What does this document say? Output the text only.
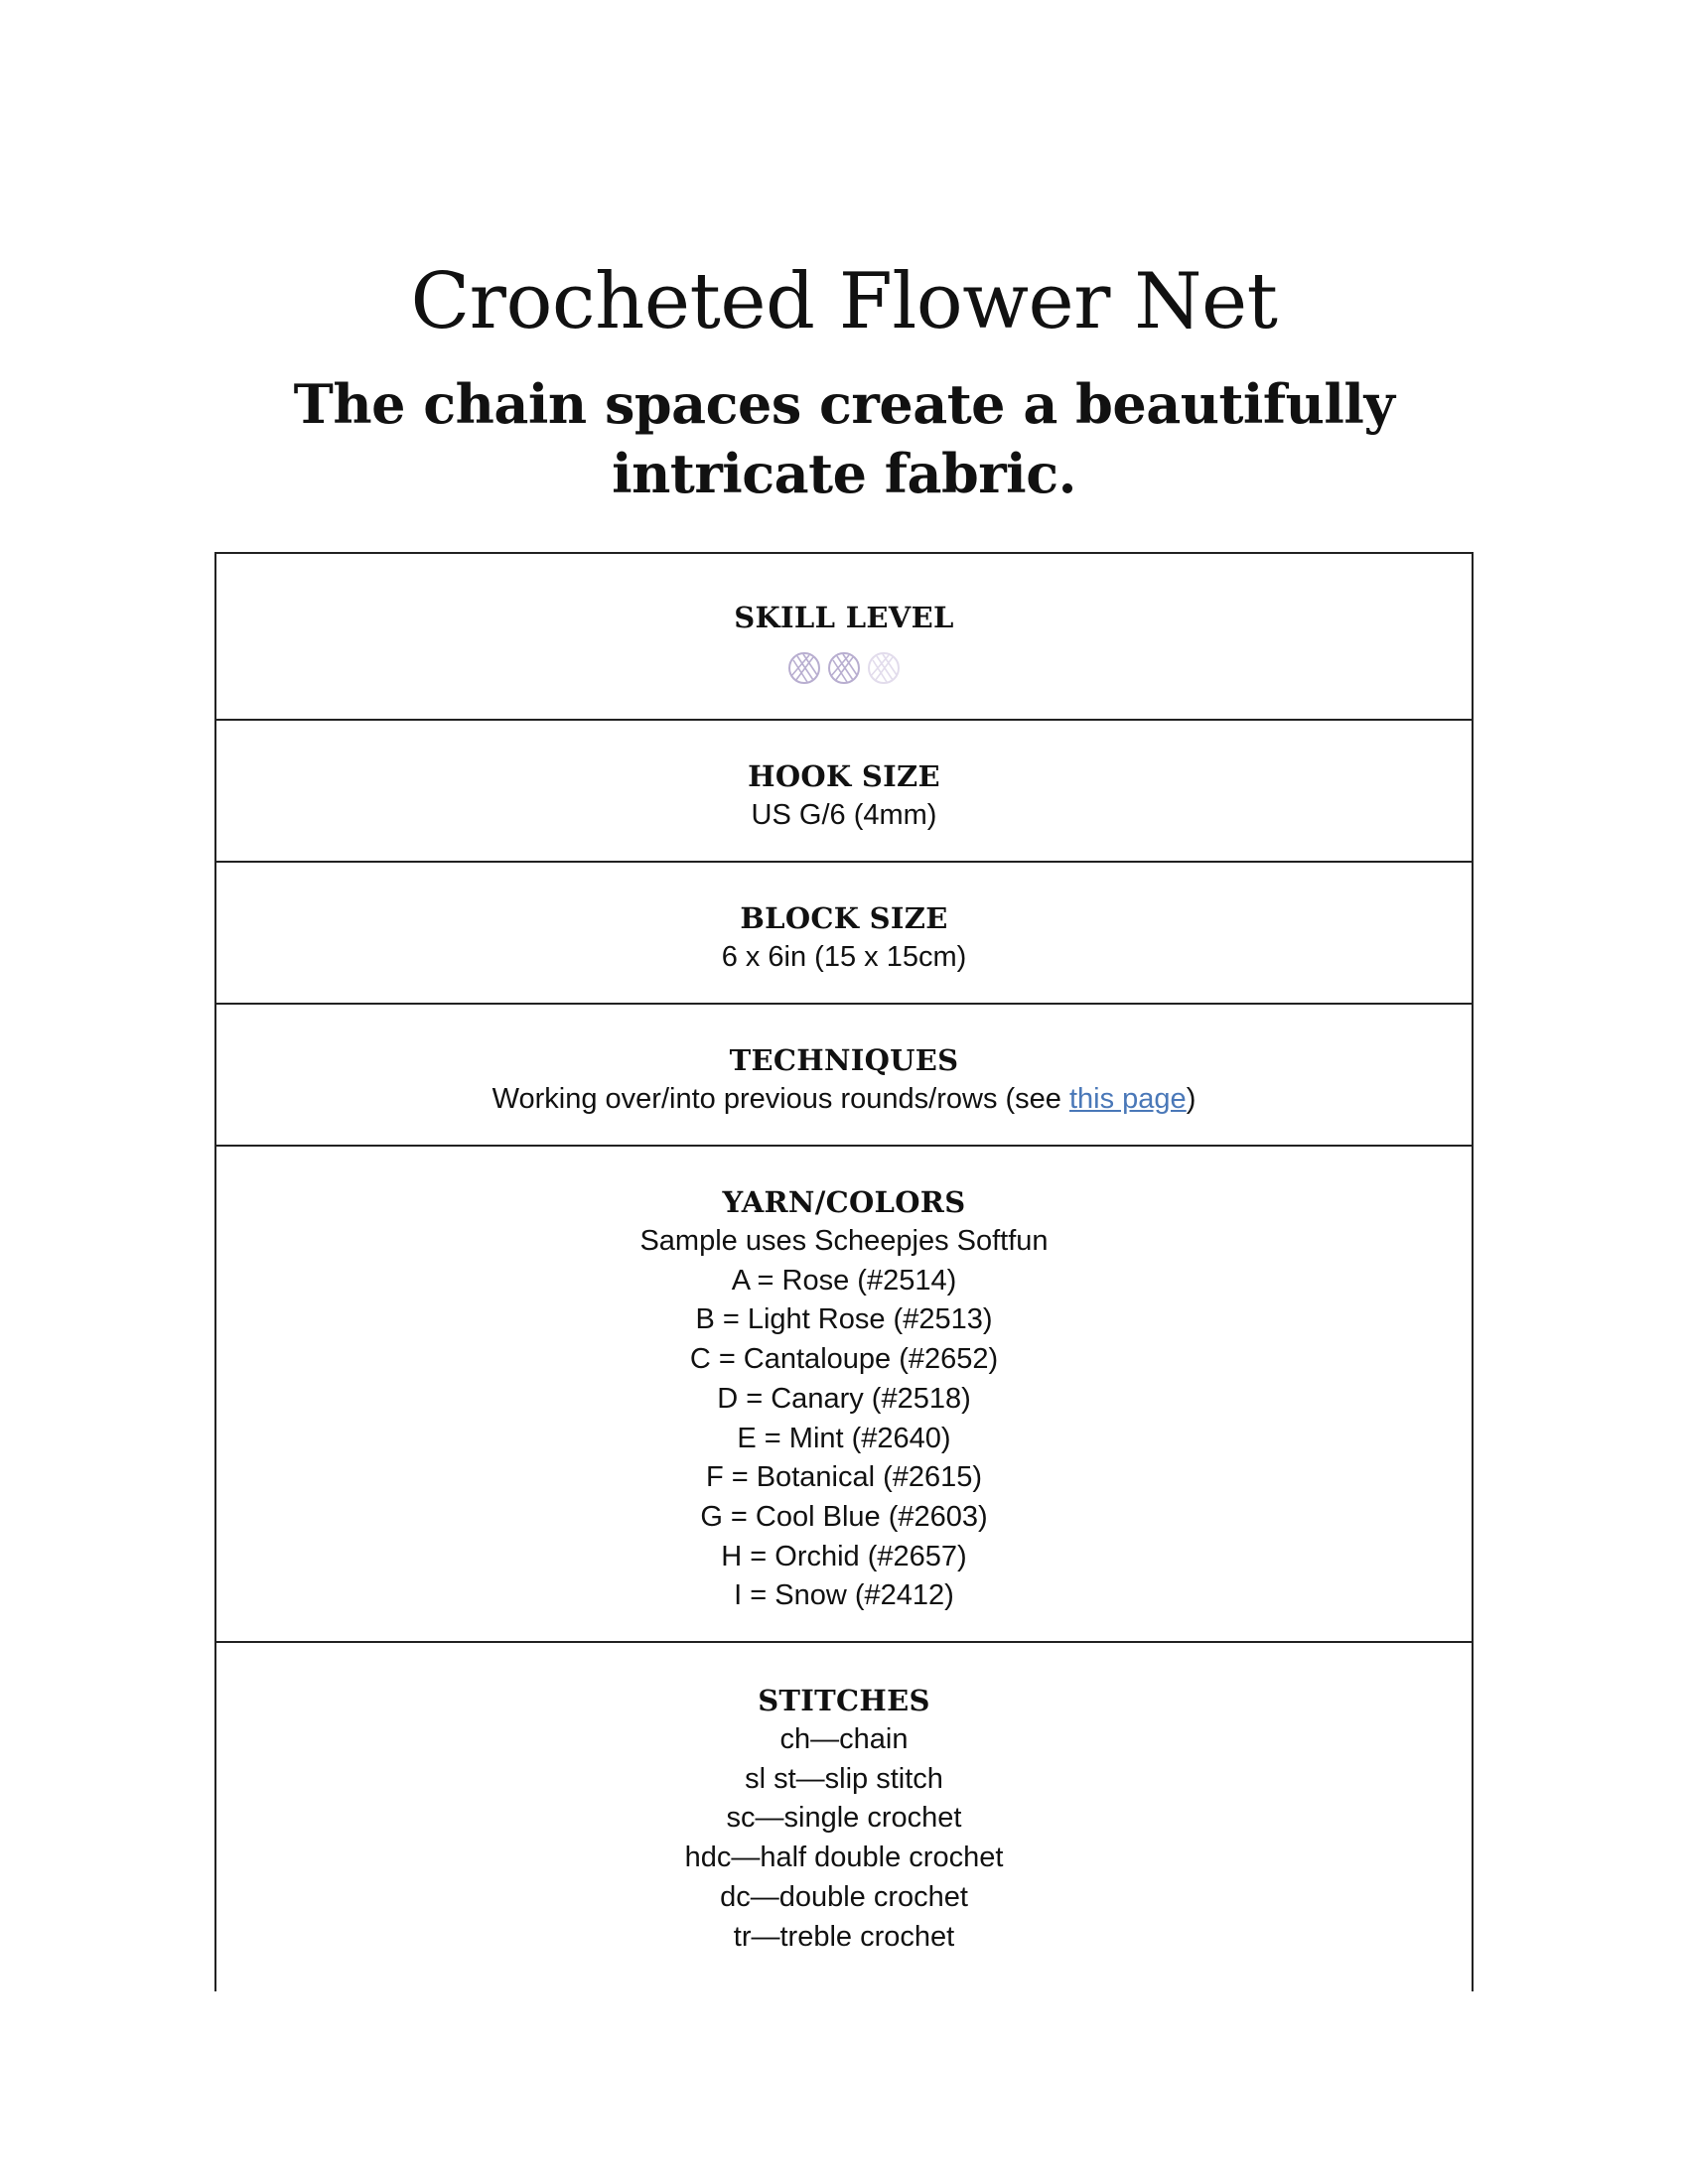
Crocheted Flower Net
The chain spaces create a beautifully intricate fabric.

SKILL LEVEL

HOOK SIZE

US G/6 (4mm)

BLOCK SIZE

6 x 6in (15 x 15cm)

TECHNIQUES

Working over/into previous rounds/rows (see this page)

YARN/COLORS

Sample uses Scheepjes Softfun

A = Rose (#2514)

B = Light Rose (#2513)

C = Cantaloupe (#2652)

D = Canary (#2518)

E = Mint (#2640)

F = Botanical (#2615)

G = Cool Blue (#2603)

H = Orchid (#2657)

I = Snow (#2412)

STITCHES

ch—chain

sl st—slip stitch

sc—single crochet

hdc—half double crochet

dc—double crochet

tr—treble crochet
